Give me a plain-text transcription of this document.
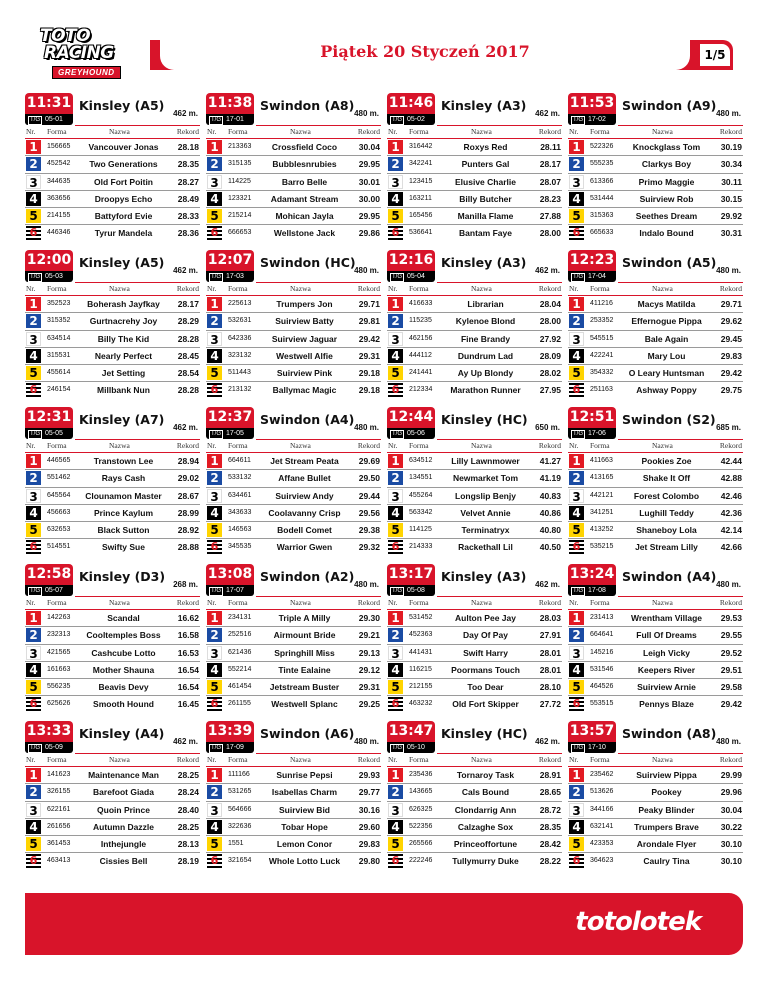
TOTO
RACING
GREYHOUND
Piątek 20 Styczeń 2017	1/5
11:31
T/G 05-01
Kinsley (A5)
462 m.
Nr. Forma	Nazwa	Rekord
1	156665	Vancouver Jonas	28.18
2	452542	Two Generations	28.35
3	344635	Old Fort Poitin	28.27
4	363656	Droopys Echo	28.49
5	214155	Battyford Evie	28.33
6	446346	Tyrur Mandela	28.36
11:38
T/G 17-01
Swindon (A8)
480 m.
Nr. Forma	Nazwa	Rekord
1	213363	Crossfield Coco	30.04
2	315135	Bubblesnrubies	29.95
3	114225	Barro Belle	30.01
4	123321	Adamant Stream	30.00
5	215214	Mohican Jayla	29.95
6	666653	Wellstone Jack	29.86
11:46
T/G 05-02
Kinsley (A3)
462 m.
Nr. Forma	Nazwa	Rekord
1	316442	Roxys Red	28.11
2	342241	Punters Gal	28.17
3	123415	Elusive Charlie	28.07
4	163211	Billy Butcher	28.23
5	165456	Manilla Flame	27.88
6	536641	Bantam Faye	28.00
11:53
T/G 17-02
Swindon (A9)
480 m.
Nr. Forma	Nazwa	Rekord
1	522326	Knockglass Tom	30.19
2	555235	Clarkys Boy	30.34
3	613366	Primo Maggie	30.11
4	531444	Suirview Rob	30.15
5	315363	Seethes Dream	29.92
6	665633	Indalo Bound	30.31
12:00
T/G 05-03
Kinsley (A5)
462 m.
Nr. Forma	Nazwa	Rekord
1	352523	Boherash Jayfkay	28.17
2	315352	Gurtnacrehy Joy	28.29
3	634514	Billy The Kid	28.28
4	315531	Nearly Perfect	28.45
5	455614	Jet Setting	28.54
6	246154	Millbank Nun	28.28
12:07
T/G 17-03
Swindon (HC)
480 m.
Nr. Forma	Nazwa	Rekord
1	225613	Trumpers Jon	29.71
2	532631	Suirview Batty	29.81
3	642336	Suirview Jaguar	29.42
4	323132	Westwell Alfie	29.31
5	511443	Suirview Pink	29.18
6	213132	Ballymac Magic	29.18
12:16
T/G 05-04
Kinsley (A3)
462 m.
Nr. Forma	Nazwa	Rekord
1	416633	Librarian	28.04
2	115235	Kylenoe Blond	28.00
3	462156	Fine Brandy	27.92
4	444112	Dundrum Lad	28.09
5	241441	Ay Up Blondy	28.02
6	212334	Marathon Runner	27.95
12:23
T/G 17-04
Swindon (A5)
480 m.
Nr. Forma	Nazwa	Rekord
1	411216	Macys Matilda	29.71
2	253352	Effernogue Pippa	29.62
3	545515	Bale Again	29.45
4	422241	Mary Lou	29.83
5	354332	O Leary Huntsman	29.42
6	251163	Ashway Poppy	29.75
12:31
T/G 05-05
Kinsley (A7)
462 m.
Nr. Forma	Nazwa	Rekord
1	446565	Transtown Lee	28.94
2	551462	Rays Cash	29.02
3	645564	Clounamon Master	28.67
4	456663	Prince Kaylum	28.99
5	632653	Black Sutton	28.92
6	514551	Swifty Sue	28.88
12:37
T/G 17-05
Swindon (A4)
480 m.
Nr. Forma	Nazwa	Rekord
1	664611	Jet Stream Peata	29.69
2	533132	Affane Bullet	29.50
3	634461	Suirview Andy	29.44
4	343633	Coolavanny Crisp	29.56
5	146563	Bodell Comet	29.38
6	345535	Warrior Gwen	29.32
12:44
T/G 05-06
Kinsley (HC)
650 m.
Nr. Forma	Nazwa	Rekord
1	634512	Lilly Lawnmower	41.27
2	134551	Newmarket Tom	41.19
3	455264	Longslip Benjy	40.83
4	563342	Velvet Annie	40.86
5	114125	Terminatryx	40.80
6	214333	Rackethall Lil	40.50
12:51
T/G 17-06
Swindon (S2)
685 m.
Nr. Forma	Nazwa	Rekord
1	411663	Pookies Zoe	42.44
2	413165	Shake It Off	42.88
3	442121	Forest Colombo	42.46
4	341251	Lughill Teddy	42.36
5	413252	Shaneboy Lola	42.14
6	535215	Jet Stream Lilly	42.66
12:58
T/G 05-07
Kinsley (D3)
268 m.
Nr. Forma	Nazwa	Rekord
1	142263	Scandal	16.62
2	232313	Cooltemples Boss	16.58
3	421565	Cashcube Lotto	16.53
4	161663	Mother Shauna	16.54
5	556235	Beavis Devy	16.54
6	625626	Smooth Hound	16.45
13:08
T/G 17-07
Swindon (A2)
480 m.
Nr. Forma	Nazwa	Rekord
1	234131	Triple A Milly	29.30
2	252516	Airmount Bride	29.21
3	621436	Springhill Miss	29.13
4	552214	Tinte Ealaine	29.12
5	461454	Jetstream Buster	29.31
6	261155	Westwell Splanc	29.25
13:17
T/G 05-08
Kinsley (A3)
462 m.
Nr. Forma	Nazwa	Rekord
1	531452	Aulton Pee Jay	28.03
2	452363	Day Of Pay	27.91
3	441431	Swift Harry	28.01
4	116215	Poormans Touch	28.01
5	212155	Too Dear	28.10
6	463232	Old Fort Skipper	27.72
13:24
T/G 17-08
Swindon (A4)
480 m.
Nr. Forma	Nazwa	Rekord
1	231413	Wrentham Village	29.53
2	664641	Full Of Dreams	29.55
3	145216	Leigh Vicky	29.52
4	531546	Keepers River	29.51
5	464526	Suirview Arnie	29.58
6	553515	Pennys Blaze	29.42
13:33
T/G 05-09
Kinsley (A4)
462 m.
Nr. Forma	Nazwa	Rekord
1	141623	Maintenance Man	28.25
2	326155	Barefoot Giada	28.24
3	622161	Quoin Prince	28.40
4	261656	Autumn Dazzle	28.25
5	361453	Inthejungle	28.13
6	463413	Cissies Bell	28.19
13:39
T/G 17-09
Swindon (A6)
480 m.
Nr. Forma	Nazwa	Rekord
1	111166	Sunrise Pepsi	29.93
2	531265	Isabellas Charm	29.77
3	564666	Suirview Bid	30.16
4	322636	Tobar Hope	29.60
5	1551	Lemon Conor	29.83
6	321654	Whole Lotto Luck	29.80
13:47
T/G 05-10
Kinsley (HC)
462 m.
Nr. Forma	Nazwa	Rekord
1	235436	Tornaroy Task	28.91
2	143665	Cals Bound	28.65
3	626325	Clondarrig Ann	28.72
4	522356	Calzaghe Sox	28.35
5	265566	Princeoffortune	28.42
6	222246	Tullymurry Duke	28.22
13:57
T/G 17-10
Swindon (A8)
480 m.
Nr. Forma	Nazwa	Rekord
1	235462	Suirview Pippa	29.99
2	513626	Pookey	29.96
3	344166	Peaky Blinder	30.04
4	632141	Trumpers Brave	30.22
5	423353	Arondale Flyer	30.10
6	364623	Caulry Tina	30.10
totolotek
